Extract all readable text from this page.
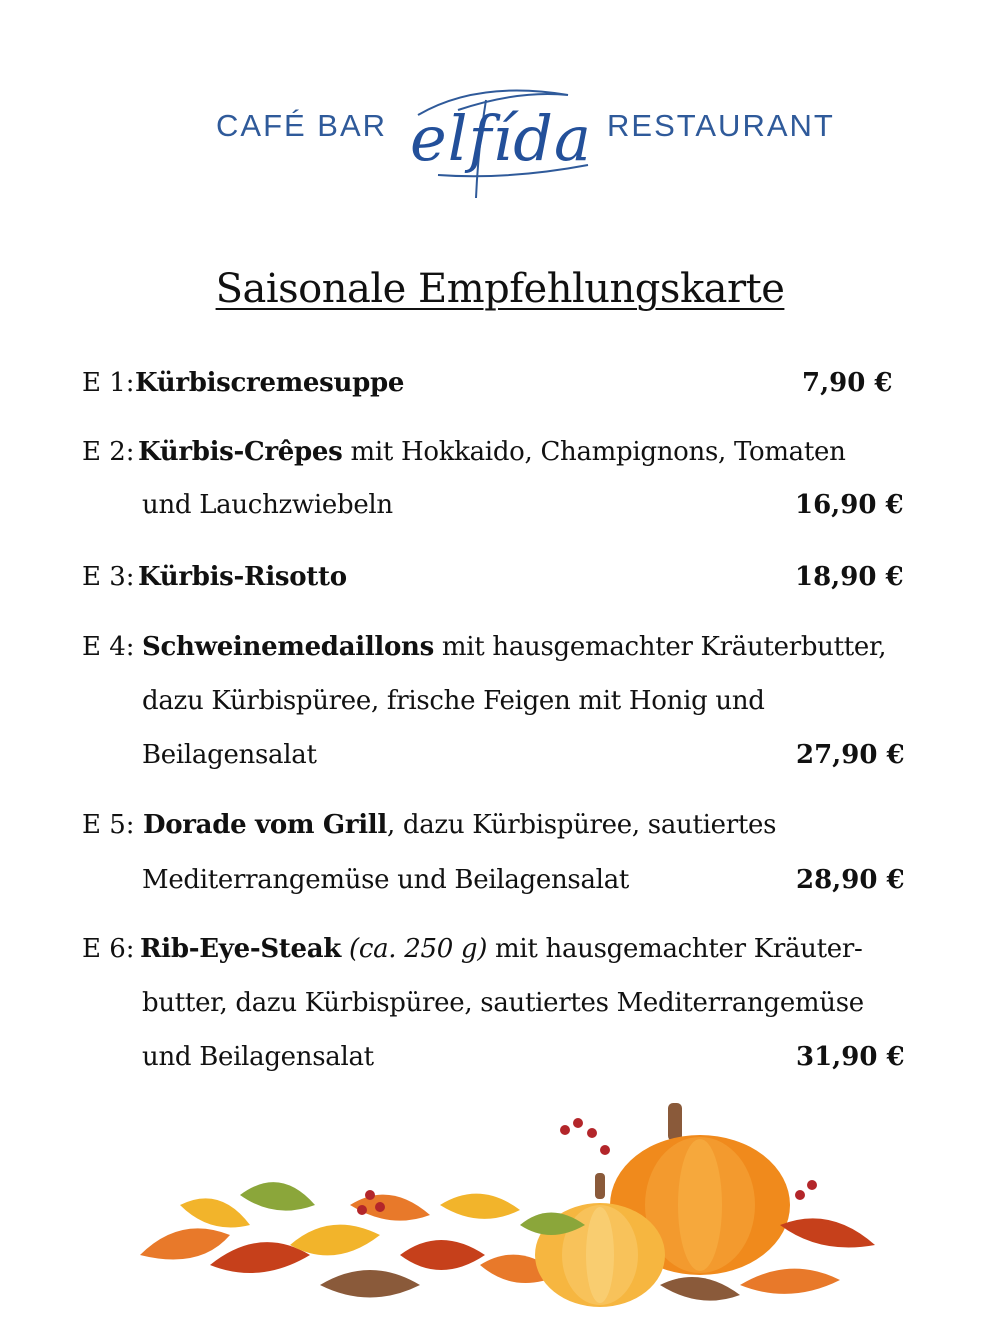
CAFÉ BAR elfída RESTAURANT
Saisonale Empfehlungskarte
E 1: Kürbiscremesuppe	7,90 €
E 2: Kürbis-Crêpes mit Hokkaido, Champignons, Tomaten
und Lauchzwiebeln	16,90 €
E 3: Kürbis-Risotto	18,90 €
E 4: Schweinemedaillons mit hausgemachter Kräuterbutter,
dazu Kürbispüree, frische Feigen mit Honig und
Beilagensalat	27,90 €
E 5: Dorade vom Grill, dazu Kürbispüree, sautiertes
Mediterrangemüse und Beilagensalat	28,90 €
E 6: Rib-Eye-Steak (ca. 250 g) mit hausgemachter Kräuter-
butter, dazu Kürbispüree, sautiertes Mediterrangemüse
und Beilagensalat	31,90 €
